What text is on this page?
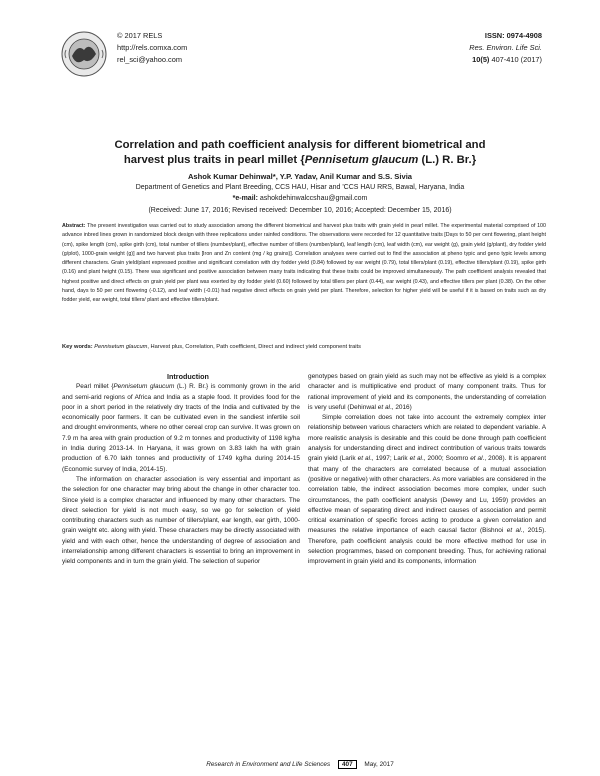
© 2017 RELS
http://rels.comxa.com
rel_sci@yahoo.com
ISSN: 0974-4908
Res. Environ. Life Sci.
10(5) 407-410 (2017)
Correlation and path coefficient analysis for different biometrical and
harvest plus traits in pearl millet {Pennisetum glaucum (L.) R. Br.}
Ashok Kumar Dehinwal*, Y.P. Yadav, Anil Kumar and S.S. Sivia
Department of Genetics and Plant Breeding, CCS HAU, Hisar and 'CCS HAU RRS, Bawal, Haryana, India
*e-mail: ashokdehinwalccshau@gmail.com
(Received: June 17, 2016; Revised received: December 10, 2016; Accepted: December 15, 2016)
Abstract: The present investigation was carried out to study association among the different biometrical and harvest plus traits with grain yield in pearl millet. The experimental material comprised of 100 advance inbred lines grown in randomized block design with three replications under rainfed conditions. The observations were recorded for 12 quantitative traits [Days to 50 per cent flowering, plant height (cm), spike length (cm), spike girth (cm), total number of tillers (number/plant), effective number of tillers (number/plant), leaf length (cm), leaf width (cm), ear weight (g), grain yield (g/plant), dry fodder yield (g/plot), 1000-grain weight (g)] and two harvest plus traits [Iron and Zn content (mg / kg grains)]. Correlation analyses were carried out to find the association at pheno typic and geno typic levels among different characters. Grain yield/plant expressed positive and significant correlation with dry fodder yield (0.84) followed by ear weight (0.79), total tillers/plant (0.19), effective tillers/plant (0.19), spike girth (0.16) and plant height (0.15). There was significant and positive association between many traits indicating that these traits could be improved simultaneously. The path coefficient analysis revealed that highest positive and direct effects on grain yield per plant was exerted by dry fodder yield (0.60) followed by total tillers per plant (0.44), ear weight (0.43), and effective tillers per plant (0.38). On the other hand, days to 50 per cent flowering (-0.12), and leaf width (-0.01) had negative direct effects on grain yield per plant. Therefore, selection for higher yield will be useful if it is based on traits such as dry fodder yield, ear weight, total tillers/ plant and effective tillers/plant.
Key words: Pennisetum glaucum, Harvest plus, Correlation, Path coefficient, Direct and indirect yield component traits

Introduction

Pearl millet {Pennisetum glaucum (L.) R. Br.} is commonly grown in the arid and semi-arid regions of Africa and India as a staple food. It provides food for the poor in a short period in the relatively dry tracts of the India and cultivated by the economically poor farmers. It can be cultivated even in the sandiest infertile soil and drought environments, where no other cereal crop can survive. It was grown on 7.9 m ha area with grain production of 9.2 m tonnes and productivity of 1198 kg/ha in India during 2013-14. In Haryana, it was grown on 3.83 lakh ha with grain production of 6.70 lakh tonnes and productivity of 1749 kg/ha during 2014-15 (Economic survey of India, 2014-15).

The information on character association is very essential and important as the selection for one character may bring about the change in other character too. Since yield is a complex character and influenced by many other characters. The direct selection for yield is not much easy, so we go for selection of yield contributing characters such as number of tillers/plant, ear length, ear girth, 1000-grain weight etc. along with yield. These characters may be directly associated with yield and with each other, hence the understanding of degree of association and interrelationship among different characters is essential to bring an improvement in yield components and in turn the grain yield. The selection of superior

genotypes based on grain yield as such may not be effective as yield is a complex character and is multiplicative end product of many component traits. Thus for rational improvement of yield and its components, the understanding of correlation is very useful (Dehinwal et al., 2016)

Simple correlation does not take into account the extremely complex inter relationship between various characters which are related to dependent variable. A more realistic analysis is desirable and this could be done through path coefficient analysis for understanding direct and indirect contribution of various traits towards grain yield (Larik et al., 1997; Larik et al., 2000; Soomro et al., 2008). It is apparent that many of the characters are correlated because of a mutual association (positive or negative) with other characters. As more variables are considered in the correlation table, the indirect association becomes more complex, under such circumstances, the path coefficient analysis (Dewey and Lu, 1959) provides an effective mean of separating direct and indirect causes of association and permit critical examination of specific forces acting to produce a given correlation and measures the relative importance of each causal factor (Bishnoi et al., 2015). Therefore, path coefficient analysis could be more effective method for use in selection programmes, based on component breeding. Thus, for achieving rational improvement in grain yield and its components, information

Research in Environment and Life Sciences 407 May, 2017
